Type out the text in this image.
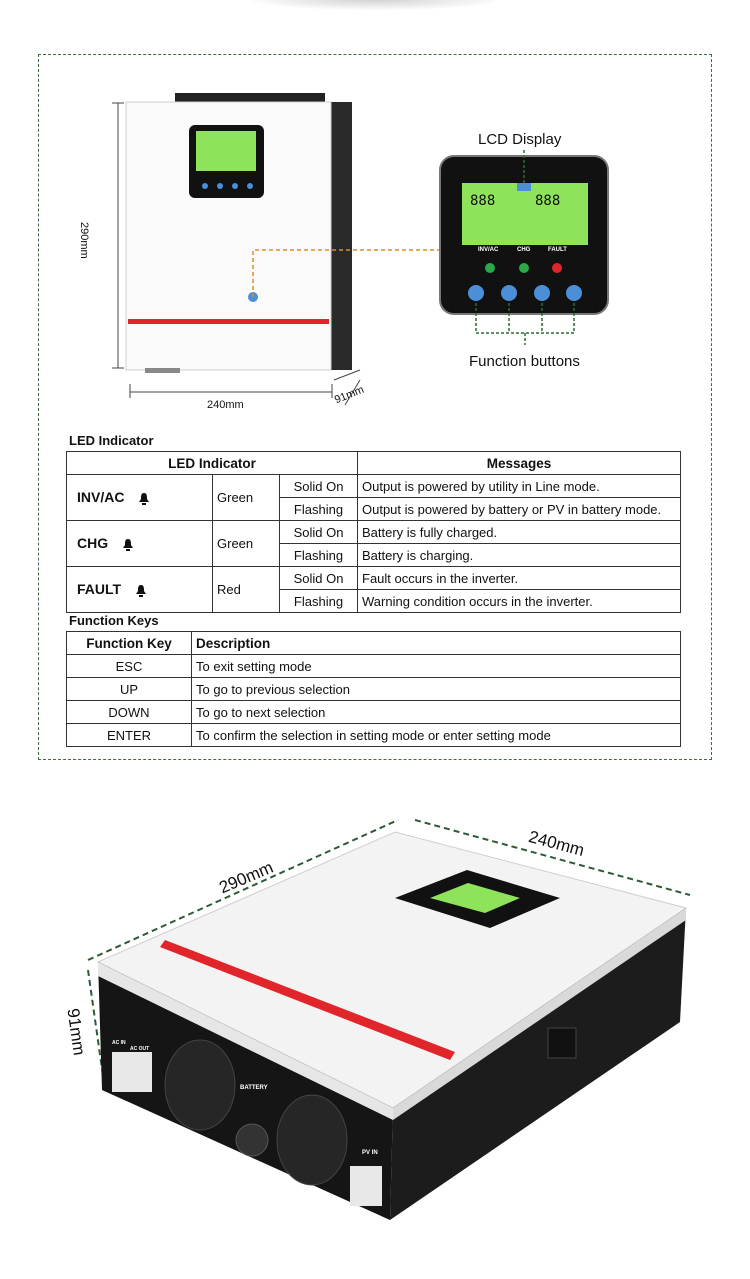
888	888
290mm
240mm	91mm
LCD Display
Function buttons
INV/AC	CHG	FAULT
LED Indicator
LED Indicator			Messages
INV/AC	Green	Solid On	Output is powered by utility in Line mode.
		Flashing	Output is powered by battery or PV in battery mode.
CHG	Green	Solid On	Battery is fully charged.
		Flashing	Battery is charging.
FAULT	Red	Solid On	Fault occurs in the inverter.
		Flashing	Warning condition occurs in the inverter.
Function Keys
Function Key	Description
ESC	To exit setting mode
UP	To go to previous selection
DOWN	To go to next selection
ENTER	To confirm the selection in setting mode or enter setting mode
290mm
240mm
91mm
BATTERY
PV IN
AC IN
AC OUT
